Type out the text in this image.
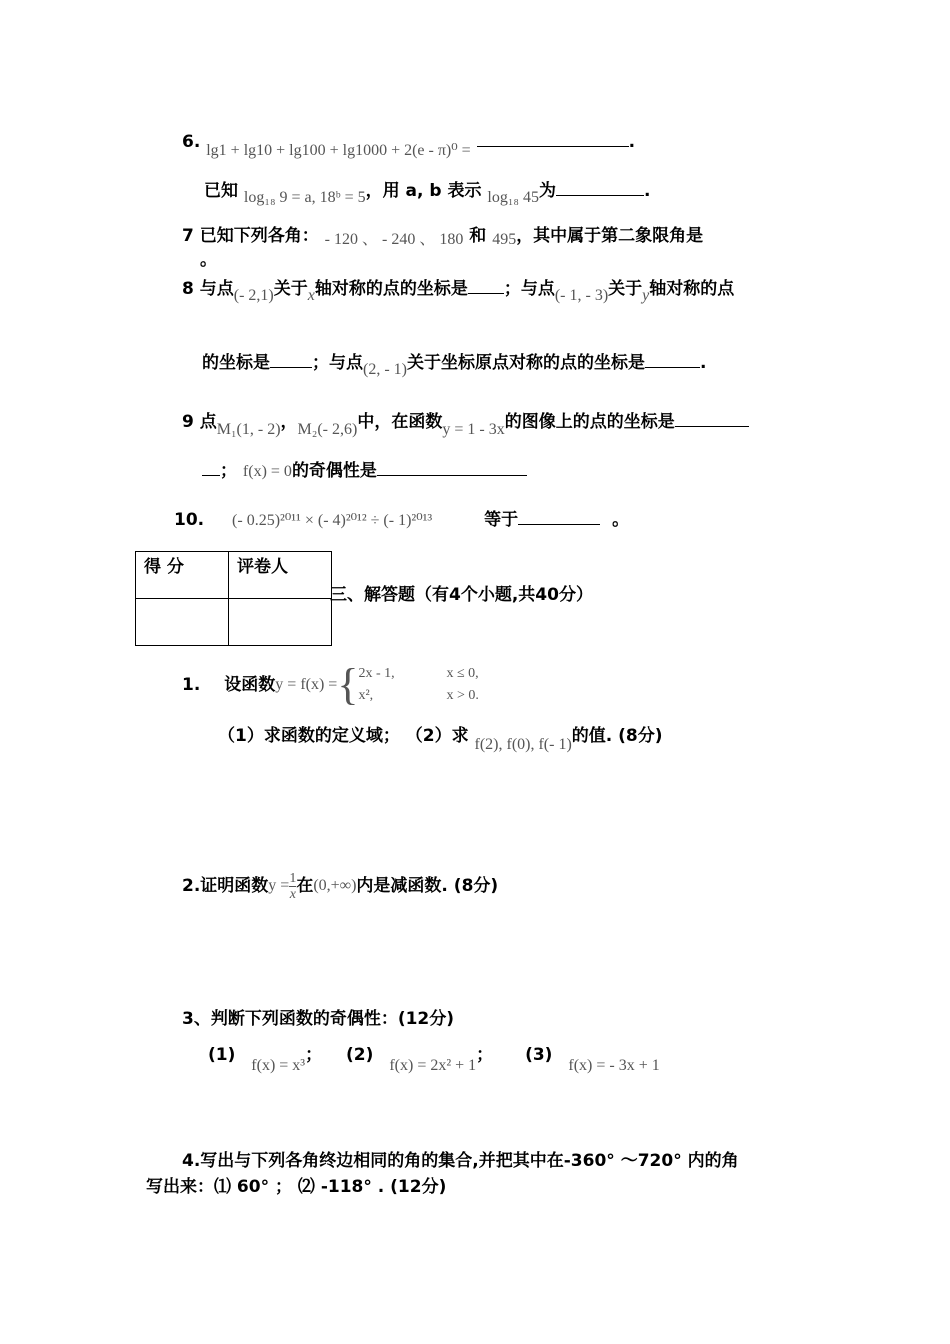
6. lg1 + lg10 + lg100 + lg1000 + 2(e - π)⁰ =	.
已知 log₁₈ 9 = a, 18ᵇ = 5，用 a, b 表示 log₁₈ 45为	.
7 已知下列各角： - 120 、 - 240 、 180 和 495，其中属于第二象限角是
。
8 与点(- 2,1)关于x轴对称的点的坐标是 ；与点(- 1, - 3)关于y轴对称的点
的坐标是 ；与点(2, - 1)关于坐标原点对称的点的坐标是	.
9 点M₁(1, - 2)，M₂(- 2,6)中，在函数y = 1 - 3x的图像上的点的坐标是
； f(x) = 0的奇偶性是
10. (- 0.25)²⁰¹¹ × (- 4)²⁰¹² ÷ (- 1)²⁰¹³	等于	。
得 分	评卷人

三、解答题（有4个小题,共40分）
1. 设函数 y = f(x) = { 2x - 1,	x ≤ 0,
x²,	x > 0.
（1）求函数的定义域； （2）求 f(2), f(0), f(- 1)的值. (8分)
2.证明函数 $y = \frac{1}{x}$ 在 (0,+∞) 内是减函数. (8分)
3、判断下列函数的奇偶性：(12分)
(1) f(x) = x³； (2) f(x) = 2x² + 1； (3) f(x) = - 3x + 1
4.写出与下列各角终边相同的角的集合,并把其中在-360° ～720° 内的角
写出来：⑴ 60° ； ⑵ -118° . (12分)
